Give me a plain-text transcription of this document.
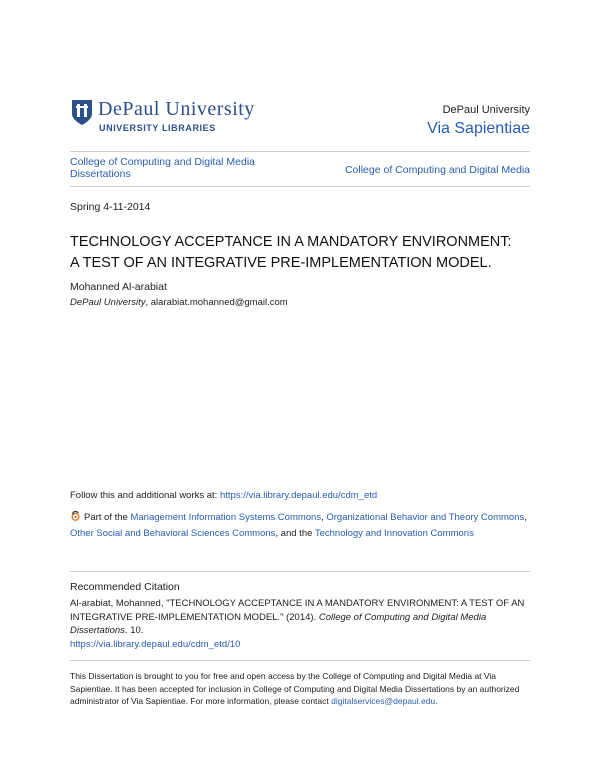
DePaul University
UNIVERSITY LIBRARIES
DePaul University
Via Sapientiae
College of Computing and Digital Media Dissertations	College of Computing and Digital Media
Spring 4-11-2014
TECHNOLOGY ACCEPTANCE IN A MANDATORY ENVIRONMENT:
A TEST OF AN INTEGRATIVE PRE-IMPLEMENTATION MODEL.
Mohanned Al-arabiat
DePaul University, alarabiat.mohanned@gmail.com
Follow this and additional works at: https://via.library.depaul.edu/cdm_etd
Part of the Management Information Systems Commons, Organizational Behavior and Theory Commons, Other Social and Behavioral Sciences Commons, and the Technology and Innovation Commons
Recommended Citation
Al-arabiat, Mohanned, "TECHNOLOGY ACCEPTANCE IN A MANDATORY ENVIRONMENT: A TEST OF AN INTEGRATIVE PRE-IMPLEMENTATION MODEL." (2014). College of Computing and Digital Media Dissertations. 10.
https://via.library.depaul.edu/cdm_etd/10
This Dissertation is brought to you for free and open access by the College of Computing and Digital Media at Via Sapientiae. It has been accepted for inclusion in College of Computing and Digital Media Dissertations by an authorized administrator of Via Sapientiae. For more information, please contact digitalservices@depaul.edu.
